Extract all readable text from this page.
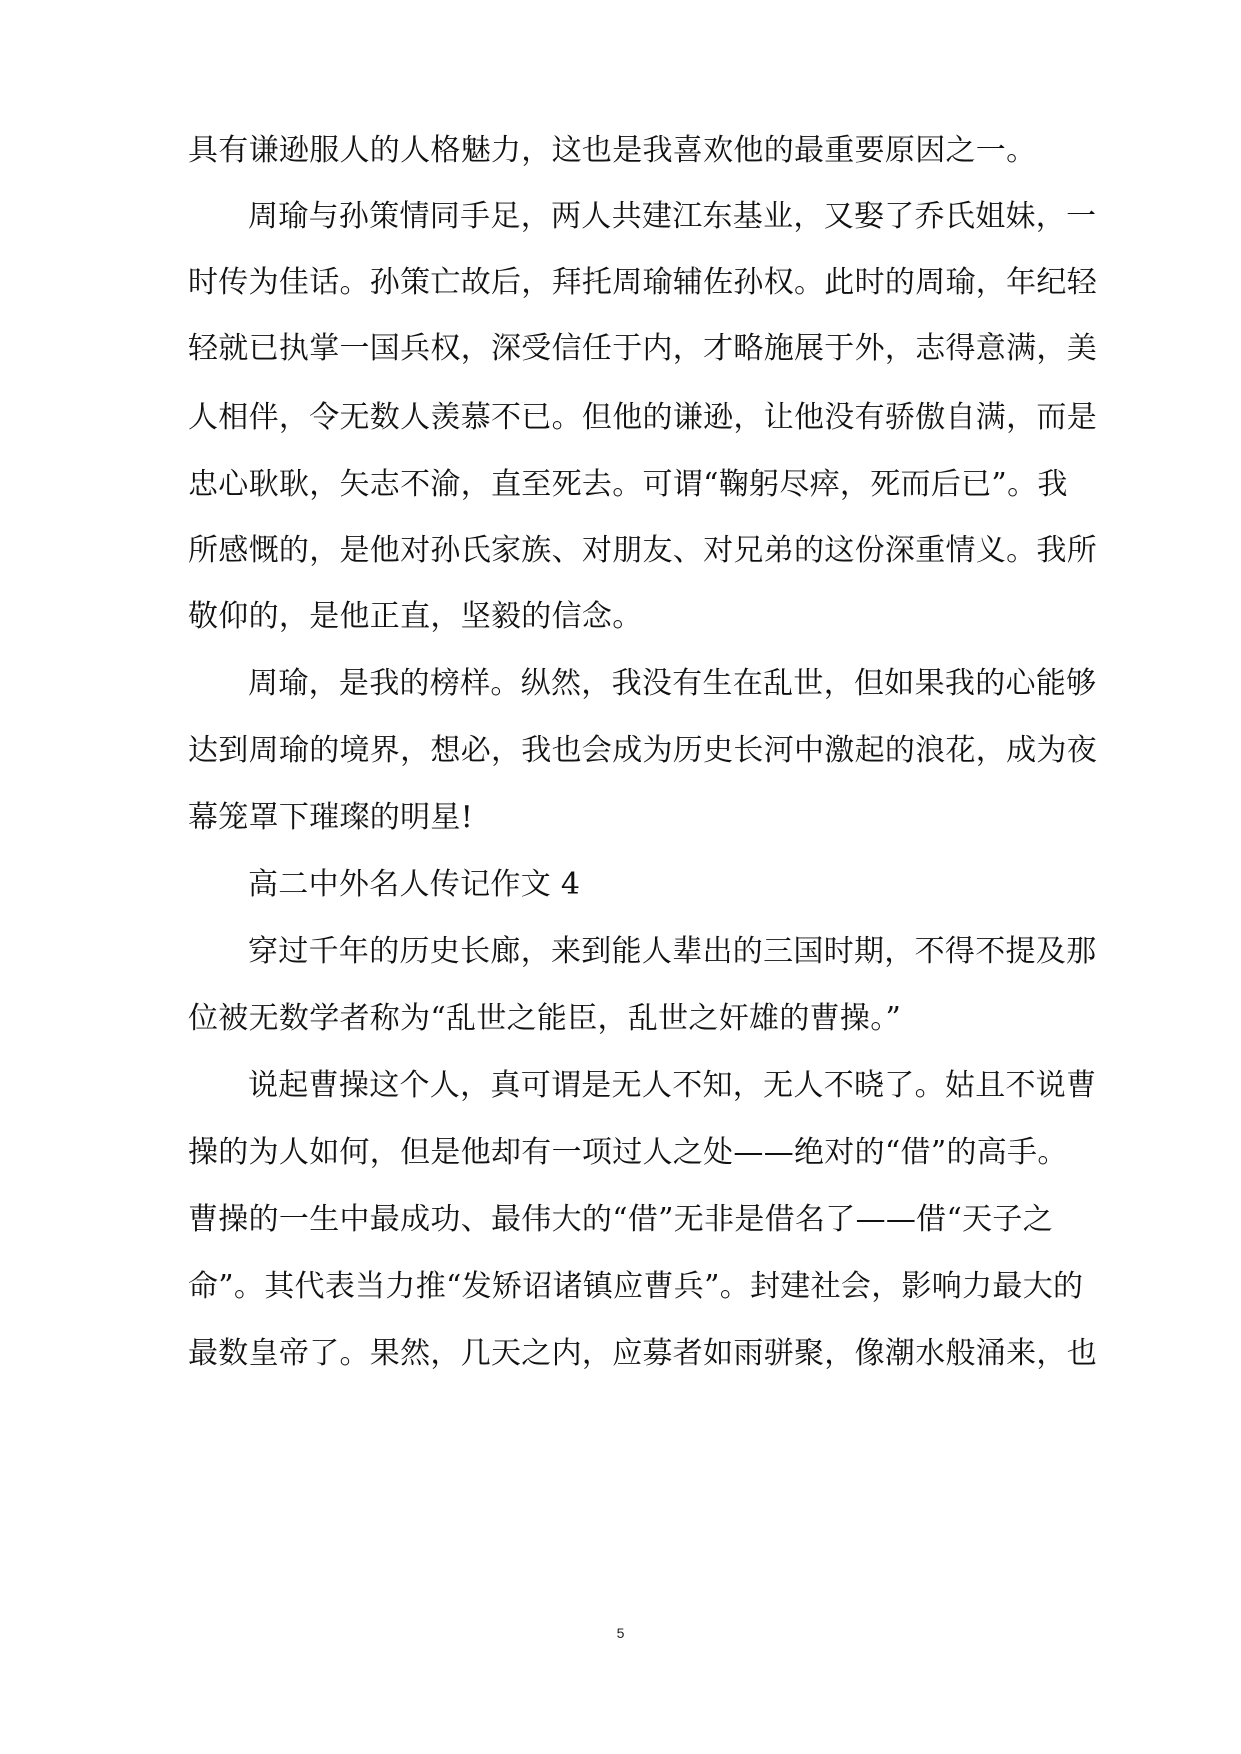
具有谦逊服人的人格魅力，这也是我喜欢他的最重要原因之一。
周瑜与孙策情同手足，两人共建江东基业，又娶了乔氏姐妹，一
时传为佳话。孙策亡故后，拜托周瑜辅佐孙权。此时的周瑜，年纪轻
轻就已执掌一国兵权，深受信任于内，才略施展于外，志得意满，美
人相伴，令无数人羡慕不已。但他的谦逊，让他没有骄傲自满，而是
忠心耿耿，矢志不渝，直至死去。可谓“鞠躬尽瘁，死而后已”。我
所感慨的，是他对孙氏家族、对朋友、对兄弟的这份深重情义。我所
敬仰的，是他正直，坚毅的信念。
周瑜，是我的榜样。纵然，我没有生在乱世，但如果我的心能够
达到周瑜的境界，想必，我也会成为历史长河中激起的浪花，成为夜
幕笼罩下璀璨的明星!
高二中外名人传记作文 4
穿过千年的历史长廊，来到能人辈出的三国时期，不得不提及那
位被无数学者称为“乱世之能臣，乱世之奸雄的曹操。”
说起曹操这个人，真可谓是无人不知，无人不晓了。姑且不说曹
操的为人如何，但是他却有一项过人之处——绝对的“借”的高手。
曹操的一生中最成功、最伟大的“借”无非是借名了——借“天子之
命”。其代表当力推“发矫诏诸镇应曹兵”。封建社会，影响力最大的
最数皇帝了。果然，几天之内，应募者如雨骈聚，像潮水般涌来，也
5
